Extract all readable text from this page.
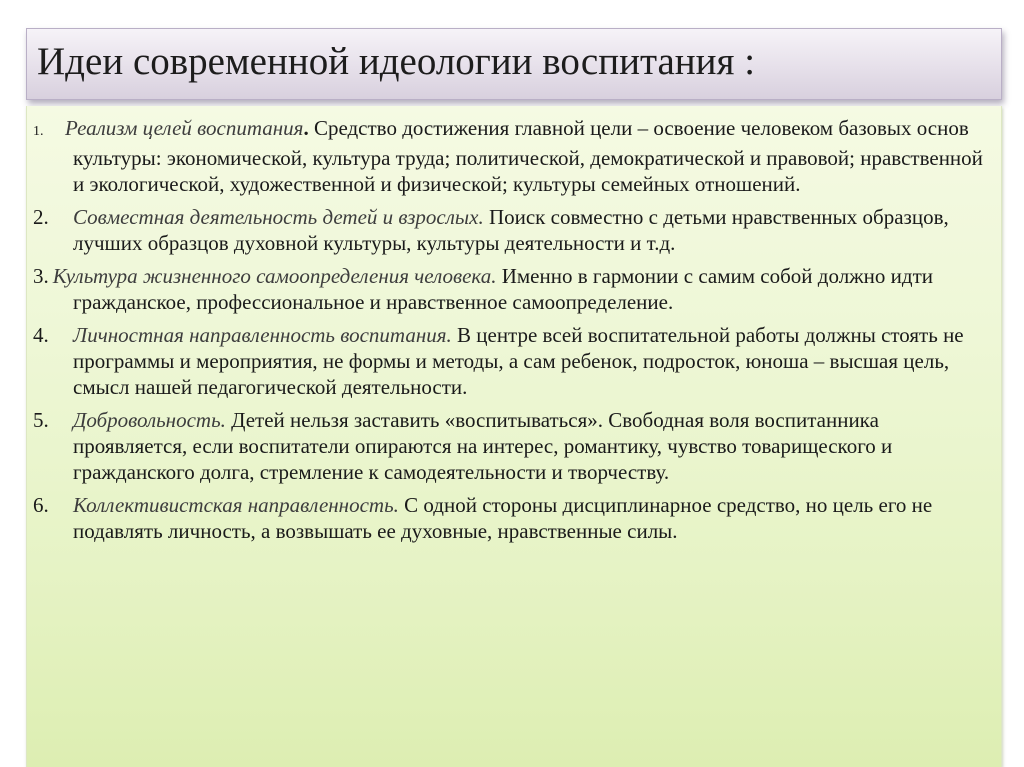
Идеи современной идеологии воспитания :
1. Реализм целей воспитания. Средство достижения главной цели – освоение человеком базовых основ культуры: экономической, культура труда; политической, демократической и правовой; нравственной и экологической, художественной и физической; культуры семейных отношений.
2. Совместная деятельность детей и взрослых. Поиск совместно с детьми нравственных образцов, лучших образцов духовной культуры, культуры деятельности и т.д.
3. Культура жизненного самоопределения человека. Именно в гармонии с самим собой должно идти гражданское, профессиональное и нравственное самоопределение.
4. Личностная направленность воспитания. В центре всей воспитательной работы должны стоять не программы и мероприятия, не формы и методы, а сам ребенок, подросток, юноша – высшая цель, смысл нашей педагогической деятельности.
5. Добровольность. Детей нельзя заставить «воспитываться». Свободная воля воспитанника проявляется, если воспитатели опираются на интерес, романтику, чувство товарищеского и гражданского долга, стремление к самодеятельности и творчеству.
6. Коллективистская направленность. С одной стороны дисциплинарное средство, но цель его не подавлять личность, а возвышать ее духовные, нравственные силы.
